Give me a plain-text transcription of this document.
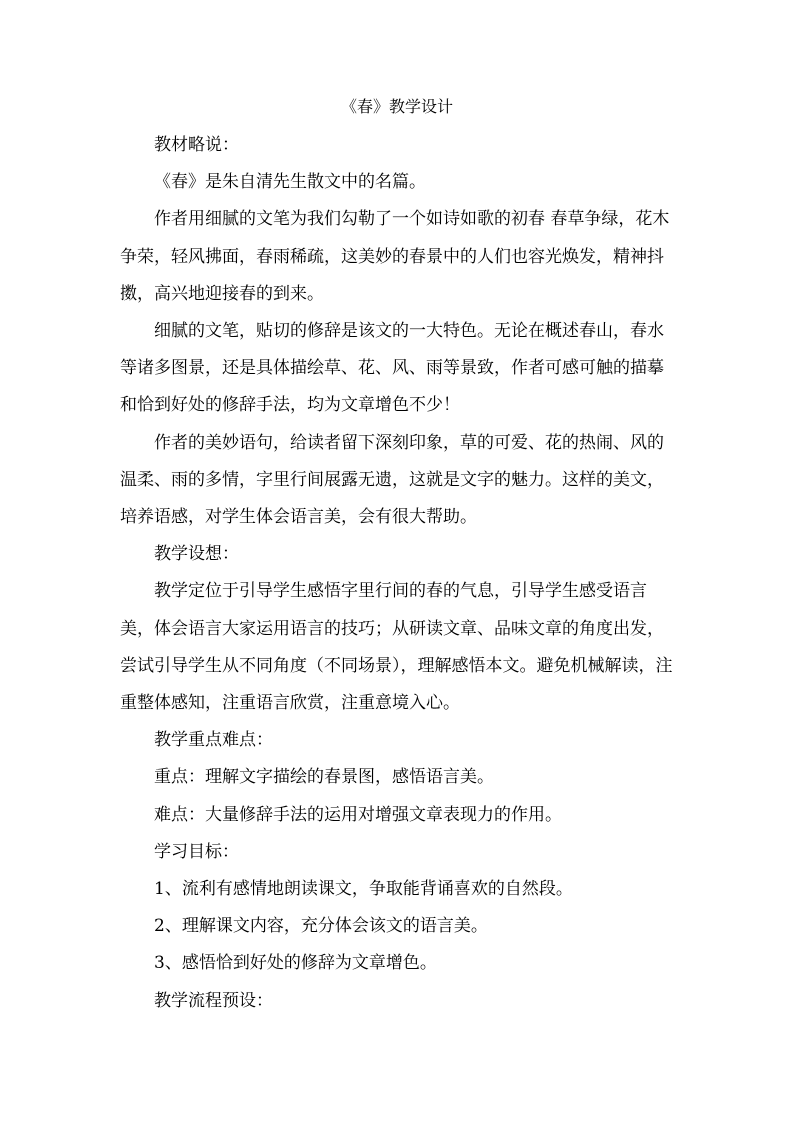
《春》教学设计

教材略说：

《春》是朱自清先生散文中的名篇。

作者用细腻的文笔为我们勾勒了一个如诗如歌的初春 春草争绿，花木争荣，轻风拂面，春雨稀疏，这美妙的春景中的人们也容光焕发，精神抖擞，高兴地迎接春的到来。

细腻的文笔，贴切的修辞是该文的一大特色。无论在概述春山，春水等诸多图景，还是具体描绘草、花、风、雨等景致，作者可感可触的描摹和恰到好处的修辞手法，均为文章增色不少！

作者的美妙语句，给读者留下深刻印象，草的可爱、花的热闹、风的温柔、雨的多情，字里行间展露无遗，这就是文字的魅力。这样的美文，培养语感，对学生体会语言美，会有很大帮助。

教学设想：

教学定位于引导学生感悟字里行间的春的气息，引导学生感受语言美，体会语言大家运用语言的技巧；从研读文章、品味文章的角度出发，尝试引导学生从不同角度（不同场景），理解感悟本文。避免机械解读，注重整体感知，注重语言欣赏，注重意境入心。

教学重点难点：

重点：理解文字描绘的春景图，感悟语言美。

难点：大量修辞手法的运用对增强文章表现力的作用。

学习目标：

1、流利有感情地朗读课文，争取能背诵喜欢的自然段。

2、理解课文内容，充分体会该文的语言美。

3、感悟恰到好处的修辞为文章增色。

教学流程预设：
